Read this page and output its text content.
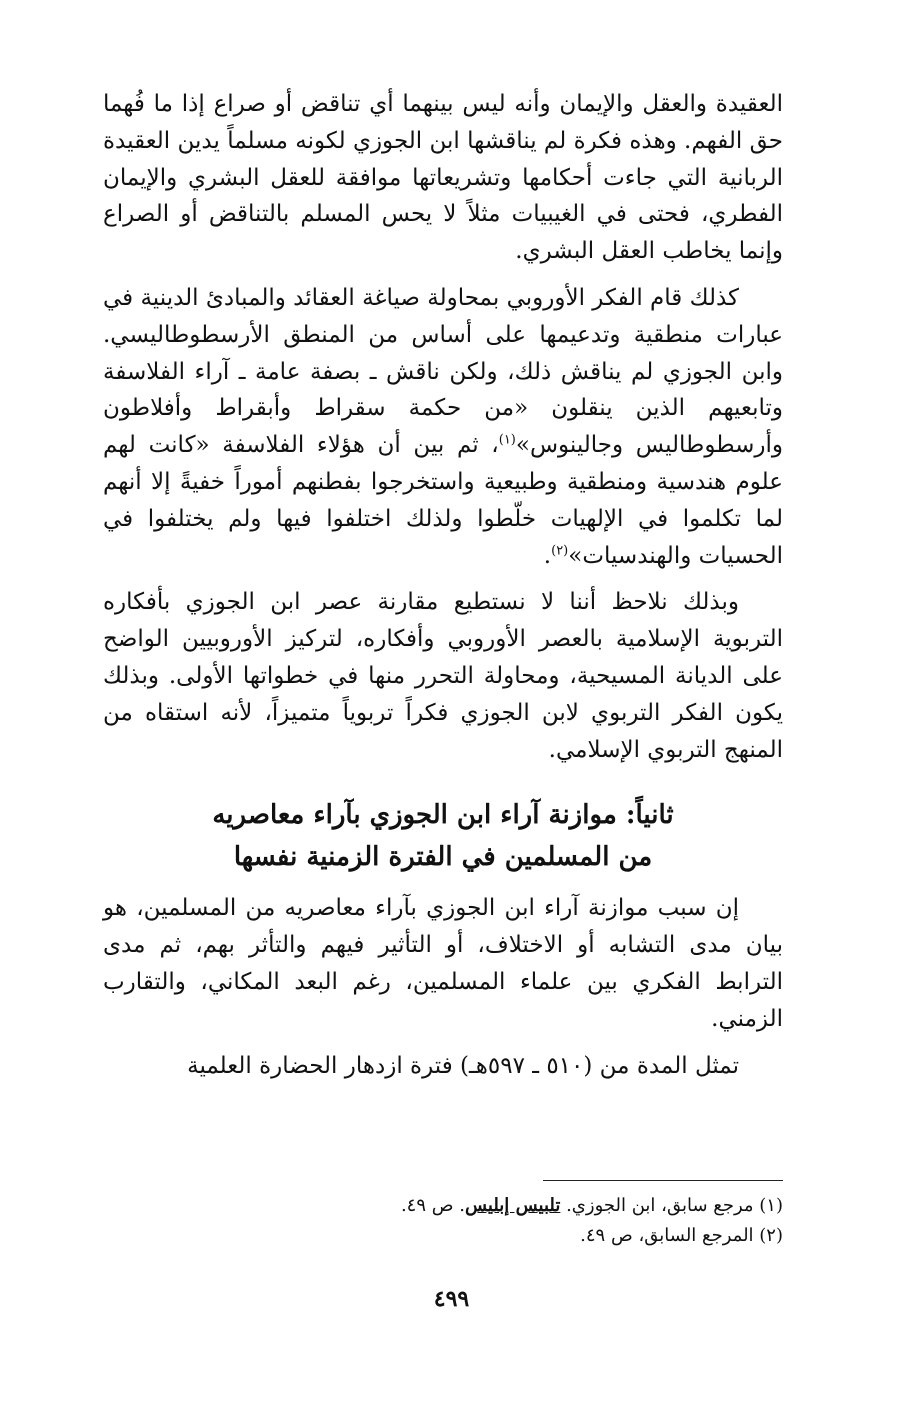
العقيدة والعقل والإيمان وأنه ليس بينهما أي تناقض أو صراع إذا ما فُهما حق الفهم. وهذه فكرة لم يناقشها ابن الجوزي لكونه مسلماً يدين العقيدة الربانية التي جاءت أحكامها وتشريعاتها موافقة للعقل البشري والإيمان الفطري، فحتى في الغيبيات مثلاً لا يحس المسلم بالتناقض أو الصراع وإنما يخاطب العقل البشري.

كذلك قام الفكر الأوروبي بمحاولة صياغة العقائد والمبادئ الدينية في عبارات منطقية وتدعيمها على أساس من المنطق الأرسطوطاليسي. وابن الجوزي لم يناقش ذلك، ولكن ناقش ـ بصفة عامة ـ آراء الفلاسفة وتابعيهم الذين ينقلون «من حكمة سقراط وأبقراط وأفلاطون وأرسطوطاليس وجالينوس»$^{(١)}$، ثم بين أن هؤلاء الفلاسفة «كانت لهم علوم هندسية ومنطقية وطبيعية واستخرجوا بفطنهم أموراً خفيةً إلا أنهم لما تكلموا في الإلهيات خلّطوا ولذلك اختلفوا فيها ولم يختلفوا في الحسيات والهندسيات»$^{(٢)}$.

وبذلك نلاحظ أننا لا نستطيع مقارنة عصر ابن الجوزي بأفكاره التربوية الإسلامية بالعصر الأوروبي وأفكاره، لتركيز الأوروبيين الواضح على الديانة المسيحية، ومحاولة التحرر منها في خطواتها الأولى. وبذلك يكون الفكر التربوي لابن الجوزي فكراً تربوياً متميزاً، لأنه استقاه من المنهج التربوي الإسلامي.

ثانياً: موازنة آراء ابن الجوزي بآراء معاصريه
من المسلمين في الفترة الزمنية نفسها

إن سبب موازنة آراء ابن الجوزي بآراء معاصريه من المسلمين، هو بيان مدى التشابه أو الاختلاف، أو التأثير فيهم والتأثر بهم، ثم مدى الترابط الفكري بين علماء المسلمين، رغم البعد المكاني، والتقارب الزمني.

تمثل المدة من (٥١٠ ـ ٥٩٧هـ) فترة ازدهار الحضارة العلمية

(١) مرجع سابق، ابن الجوزي. تلبيس إبليس. ص ٤٩.
(٢) المرجع السابق، ص ٤٩.
٤٩٩
